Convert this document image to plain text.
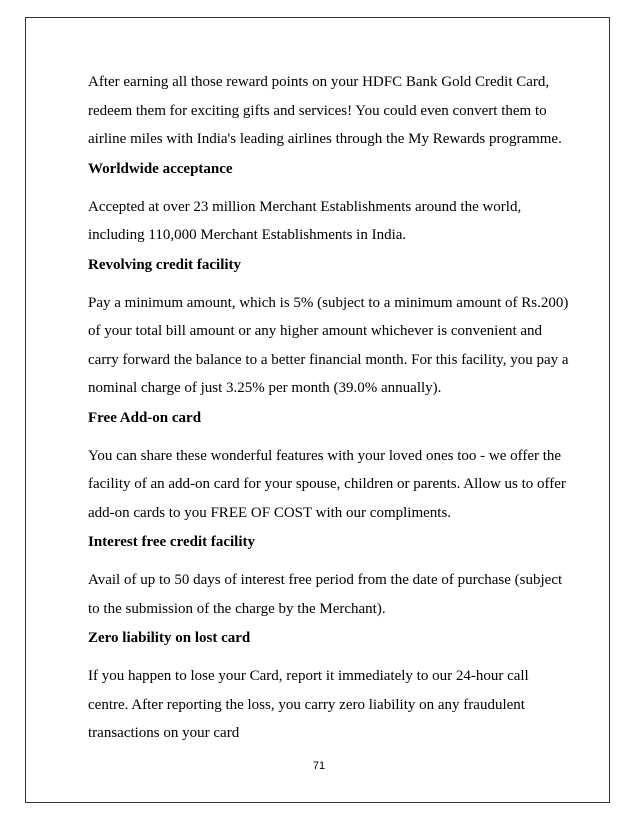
After earning all those reward points on your HDFC Bank Gold Credit Card,
redeem them for exciting gifts and services! You could even convert them to
airline miles with India's leading airlines through the My Rewards programme.

Worldwide acceptance

Accepted at over 23 million Merchant Establishments around the world,
including 110,000 Merchant Establishments in India.

Revolving credit facility

Pay a minimum amount, which is 5% (subject to a minimum amount of Rs.200)
of your total bill amount or any higher amount whichever is convenient and
carry forward the balance to a better financial month. For this facility, you pay a
nominal charge of just 3.25% per month (39.0% annually).

Free Add-on card

You can share these wonderful features with your loved ones too - we offer the
facility of an add-on card for your spouse, children or parents. Allow us to offer
add-on cards to you FREE OF COST with our compliments.

Interest free credit facility

Avail of up to 50 days of interest free period from the date of purchase (subject
to the submission of the charge by the Merchant).

Zero liability on lost card

If you happen to lose your Card, report it immediately to our 24-hour call
centre. After reporting the loss, you carry zero liability on any fraudulent
transactions on your card

71
